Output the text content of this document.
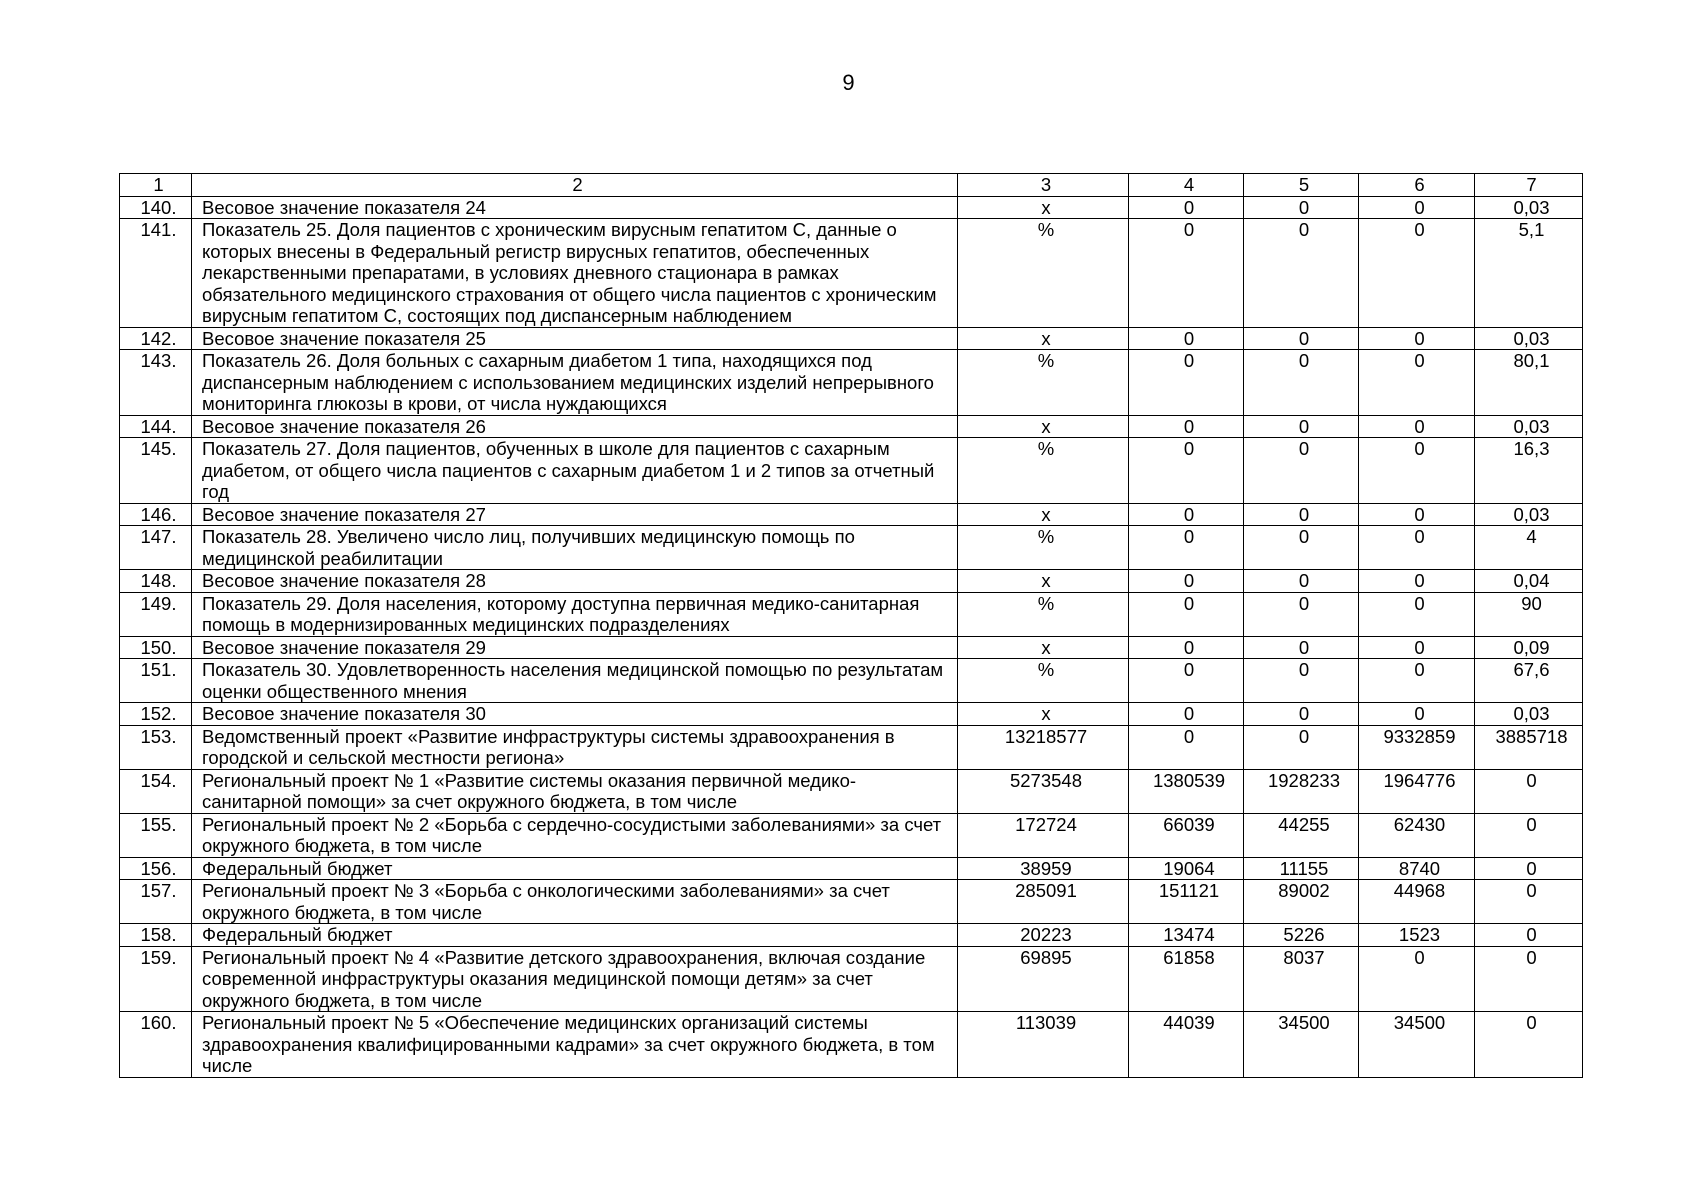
9
1	2	3	4	5	6	7
140.	Весовое значение показателя 24	х	0	0	0	0,03
141.	Показатель 25. Доля пациентов с хроническим вирусным гепатитом С, данные о которых внесены в Федеральный регистр вирусных гепатитов, обеспеченных лекарственными препаратами, в условиях дневного стационара в рамках обязательного медицинского страхования от общего числа пациентов с хроническим вирусным гепатитом С, состоящих под диспансерным наблюдением	%	0	0	0	5,1
142.	Весовое значение показателя 25	х	0	0	0	0,03
143.	Показатель 26. Доля больных с сахарным диабетом 1 типа, находящихся под диспансерным наблюдением с использованием медицинских изделий непрерывного мониторинга глюкозы в крови, от числа нуждающихся	%	0	0	0	80,1
144.	Весовое значение показателя 26	х	0	0	0	0,03
145.	Показатель 27. Доля пациентов, обученных в школе для пациентов с сахарным диабетом, от общего числа пациентов с сахарным диабетом 1 и 2 типов за отчетный год	%	0	0	0	16,3
146.	Весовое значение показателя 27	х	0	0	0	0,03
147.	Показатель 28. Увеличено число лиц, получивших медицинскую помощь по медицинской реабилитации	%	0	0	0	4
148.	Весовое значение показателя 28	х	0	0	0	0,04
149.	Показатель 29. Доля населения, которому доступна первичная медико-санитарная помощь в модернизированных медицинских подразделениях	%	0	0	0	90
150.	Весовое значение показателя 29	х	0	0	0	0,09
151.	Показатель 30. Удовлетворенность населения медицинской помощью по результатам оценки общественного мнения	%	0	0	0	67,6
152.	Весовое значение показателя 30	х	0	0	0	0,03
153.	Ведомственный проект «Развитие инфраструктуры системы здравоохранения в городской и сельской местности региона»	13218577	0	0	9332859	3885718
154.	Региональный проект № 1 «Развитие системы оказания первичной медико-санитарной помощи» за счет окружного бюджета, в том числе	5273548	1380539	1928233	1964776	0
155.	Региональный проект № 2 «Борьба с сердечно-сосудистыми заболеваниями» за счет окружного бюджета, в том числе	172724	66039	44255	62430	0
156.	Федеральный бюджет	38959	19064	11155	8740	0
157.	Региональный проект № 3 «Борьба с онкологическими заболеваниями» за счет окружного бюджета, в том числе	285091	151121	89002	44968	0
158.	Федеральный бюджет	20223	13474	5226	1523	0
159.	Региональный проект № 4 «Развитие детского здравоохранения, включая создание современной инфраструктуры оказания медицинской помощи детям» за счет окружного бюджета, в том числе	69895	61858	8037	0	0
160.	Региональный проект № 5 «Обеспечение медицинских организаций системы здравоохранения квалифицированными кадрами» за счет окружного бюджета, в том числе	113039	44039	34500	34500	0
